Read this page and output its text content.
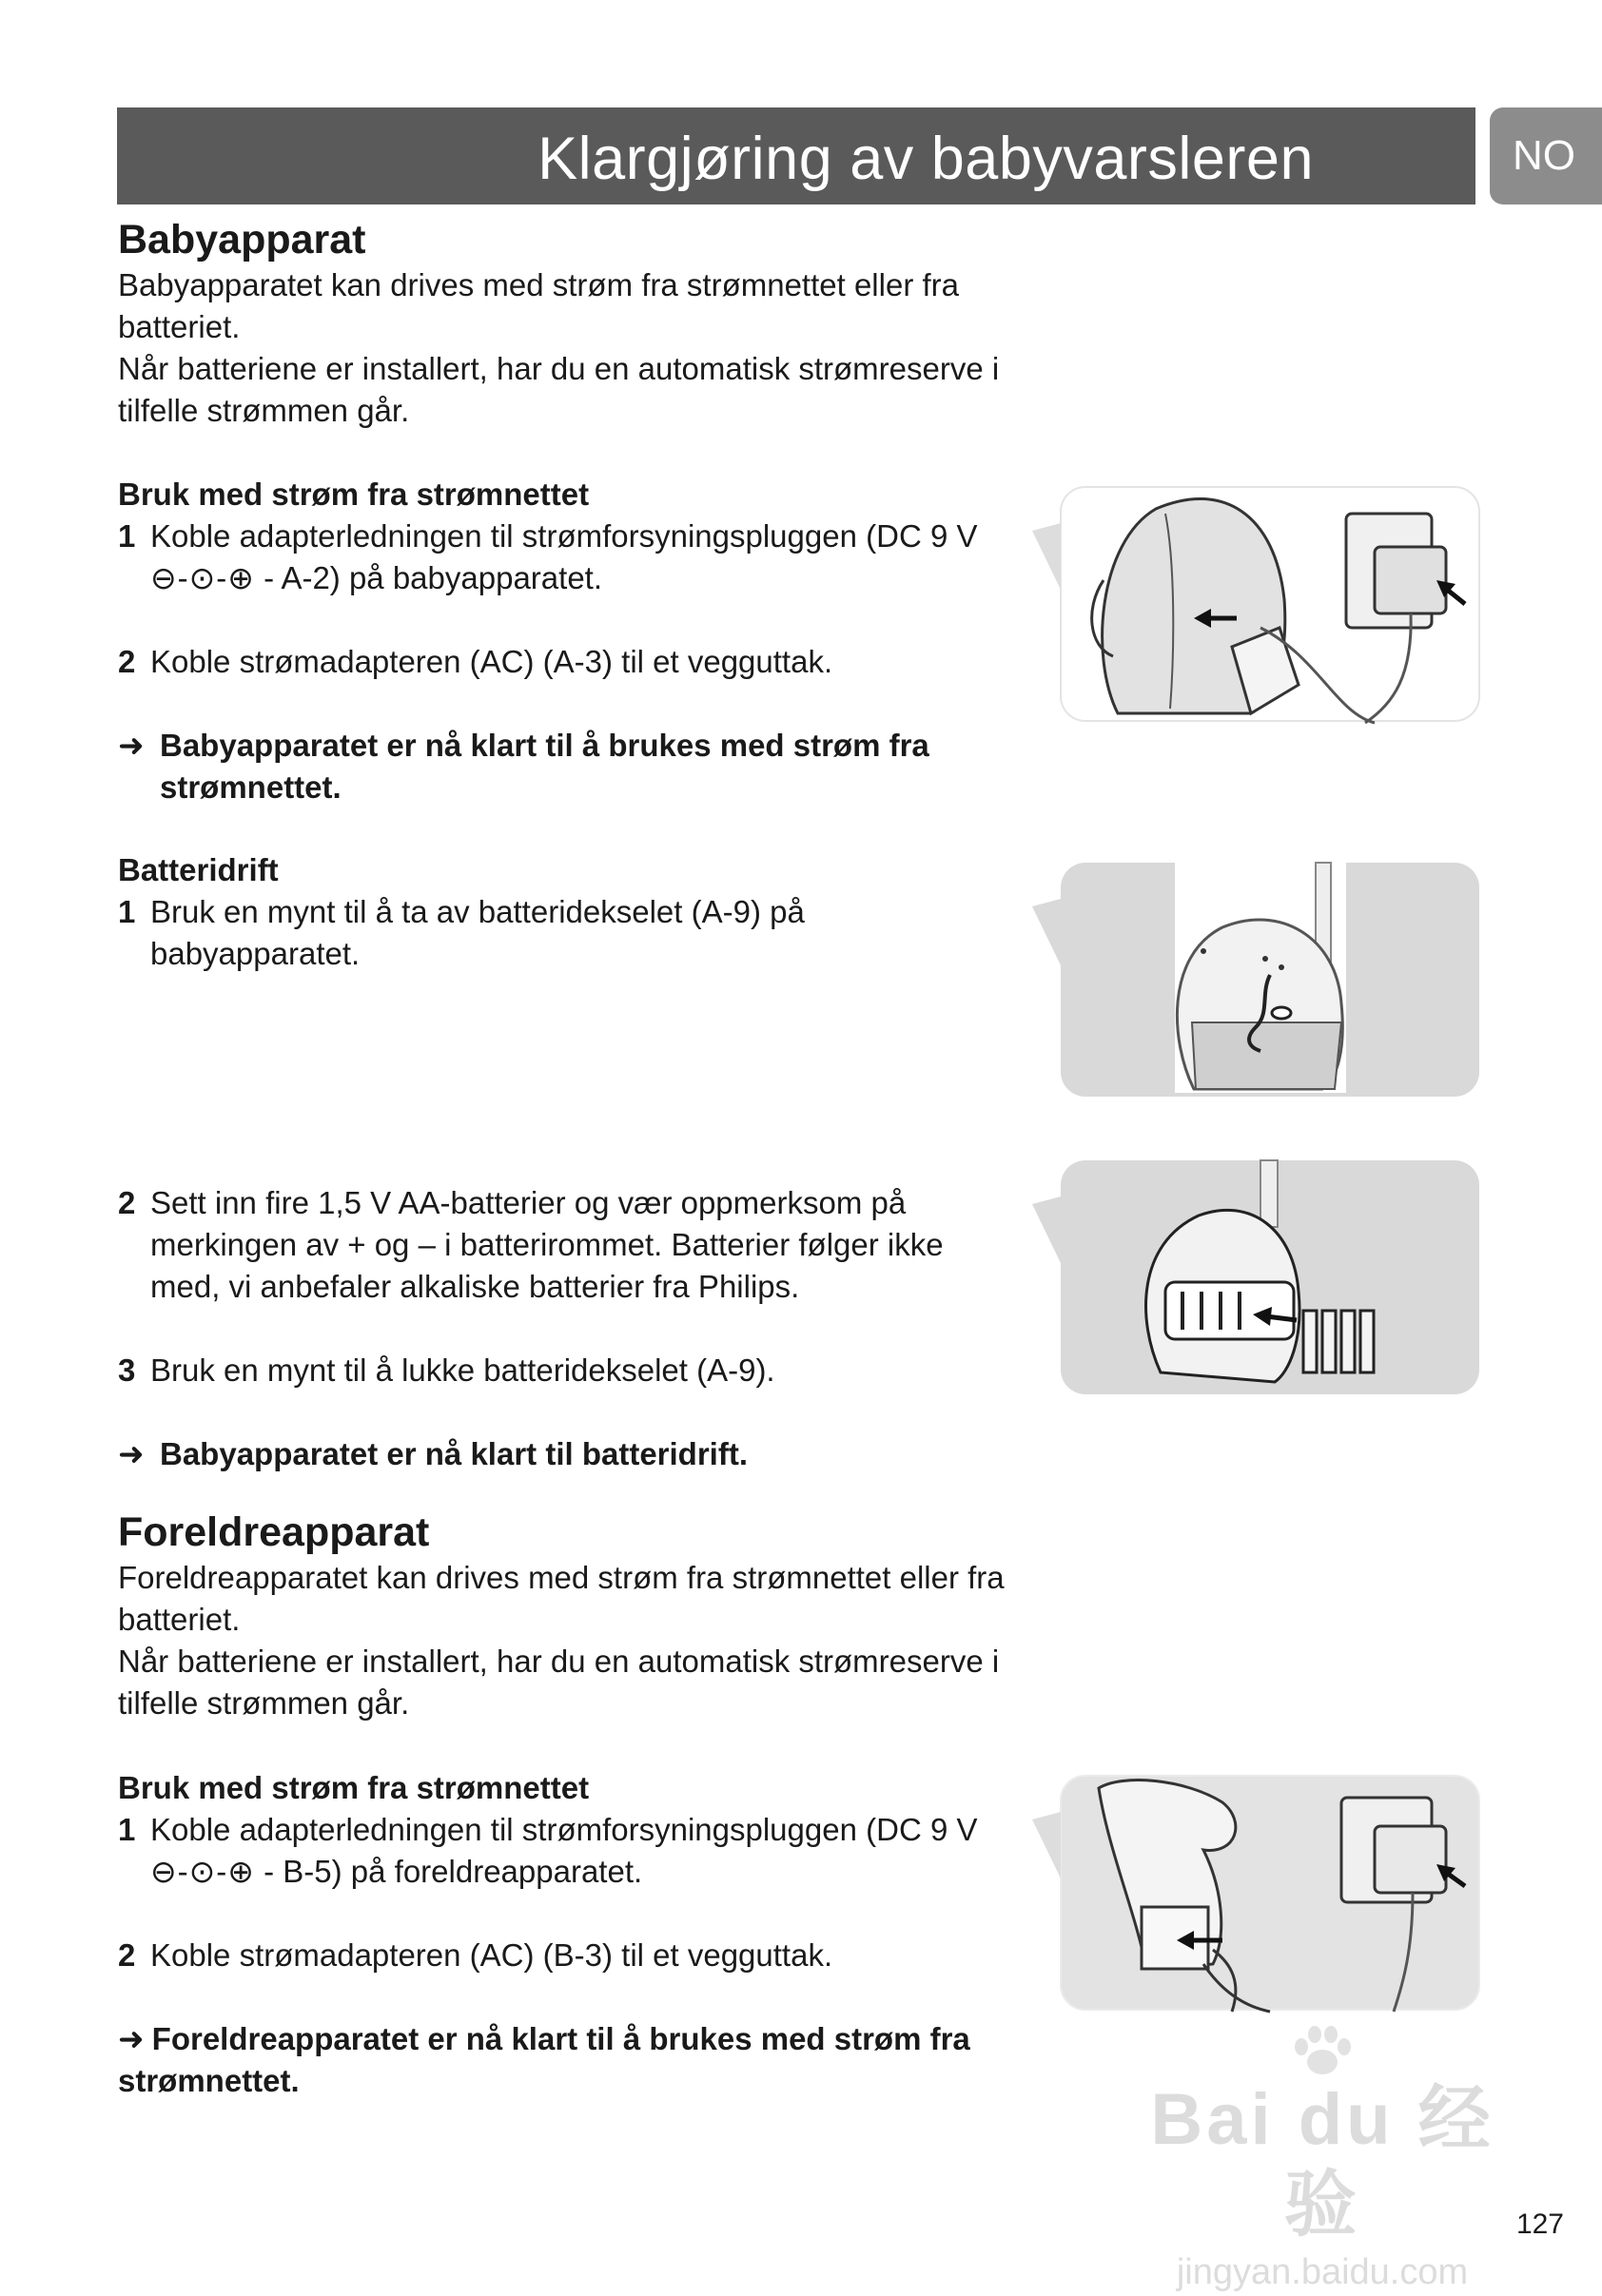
Klargjøring av babyvarsleren	NO
Babyapparat

Babyapparatet kan drives med strøm fra strømnettet eller fra batteriet.

Når batteriene er installert, har du en automatisk strømreserve i tilfelle strømmen går.

Bruk med strøm fra strømnettet

1 Koble adapterledningen til strømforsyningspluggen (DC 9 V ⊖-⊙-⊕ - A-2) på babyapparatet.

2 Koble strømadapteren (AC) (A-3) til et vegguttak.

➜ Babyapparatet er nå klart til å brukes med strøm fra strømnettet.

Batteridrift

1 Bruk en mynt til å ta av batteridekselet (A-9) på babyapparatet.

2 Sett inn fire 1,5 V AA-batterier og vær oppmerksom på merkingen av + og – i batterirommet. Batterier følger ikke med, vi anbefaler alkaliske batterier fra Philips.

3 Bruk en mynt til å lukke batteridekselet (A-9).

➜ Babyapparatet er nå klart til batteridrift.

Foreldreapparat

Foreldreapparatet kan drives med strøm fra strømnettet eller fra batteriet.

Når batteriene er installert, har du en automatisk strømreserve i tilfelle strømmen går.

Bruk med strøm fra strømnettet

1 Koble adapterledningen til strømforsyningspluggen (DC 9 V ⊖-⊙-⊕ - B-5) på foreldreapparatet.

2 Koble strømadapteren (AC) (B-3) til et vegguttak.

➜ Foreldreapparatet er nå klart til å brukes med strøm fra strømnettet.	Bai du 经验
jingyan.baidu.com
127
